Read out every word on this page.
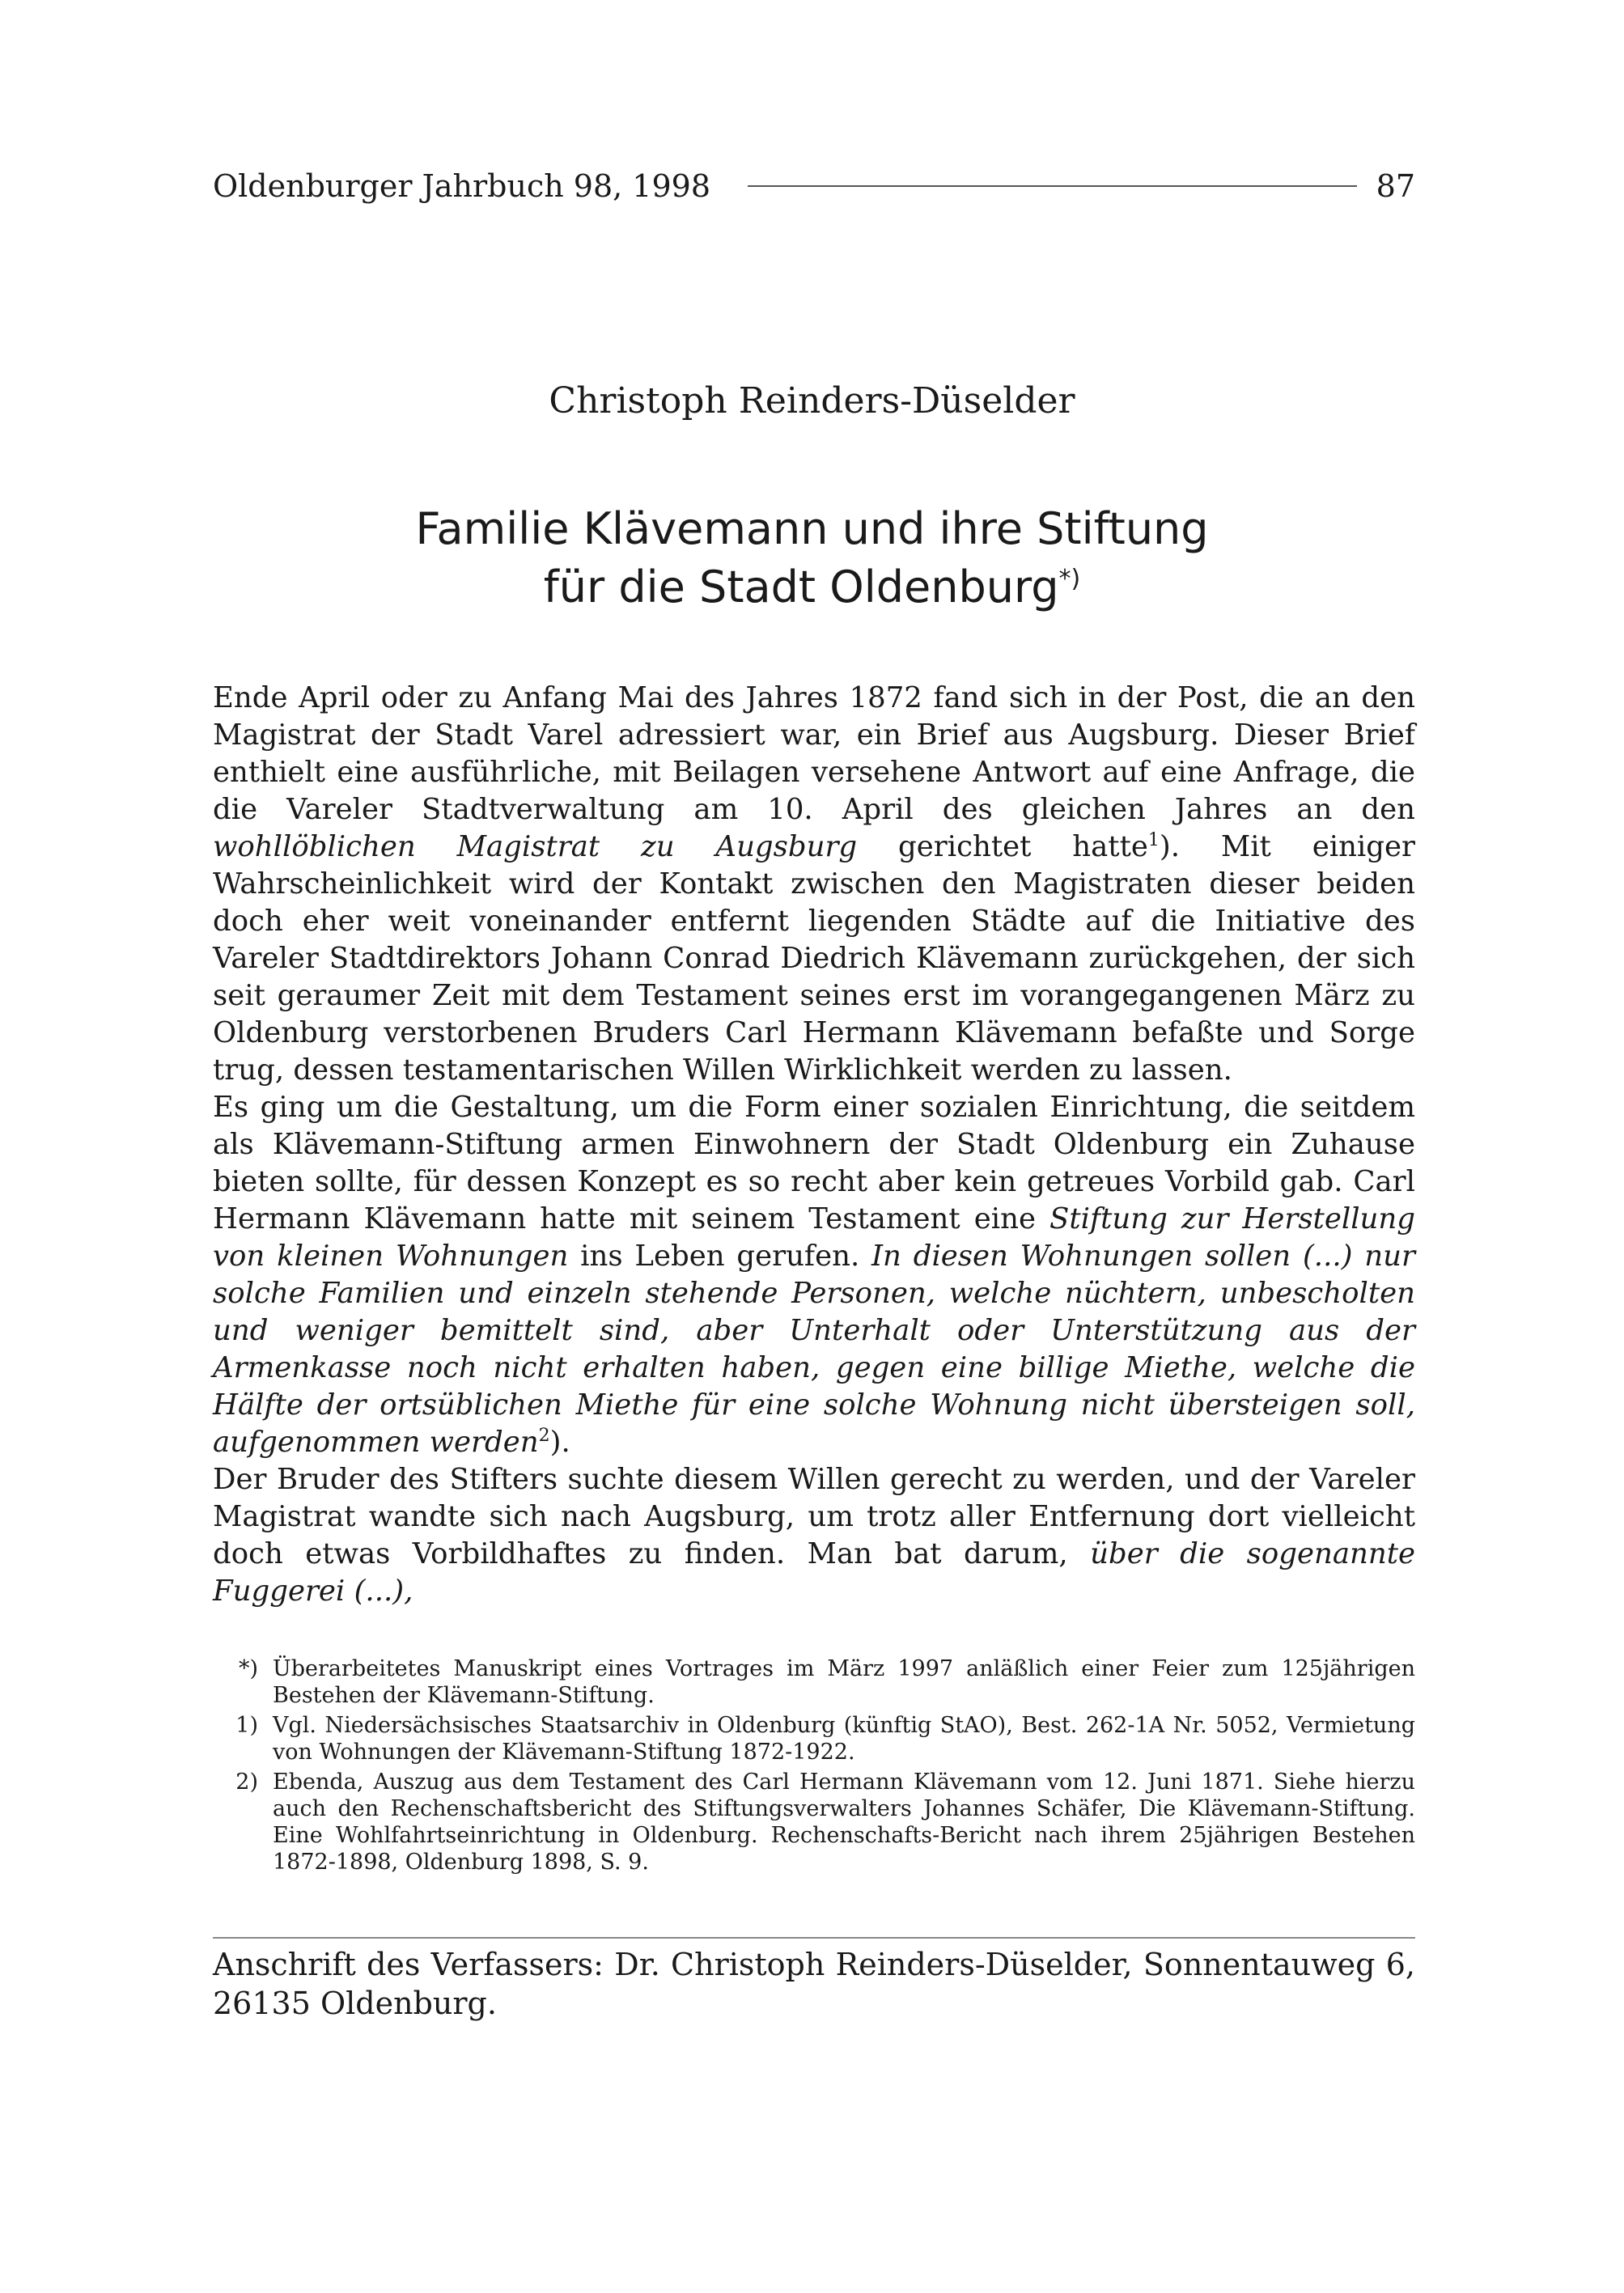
Oldenburger Jahrbuch 98, 1998	87
Christoph Reinders-Düselder
Familie Klävemann und ihre Stiftung
für die Stadt Oldenburg*)

Ende April oder zu Anfang Mai des Jahres 1872 fand sich in der Post, die an den Magistrat der Stadt Varel adressiert war, ein Brief aus Augsburg. Dieser Brief enthielt eine ausführliche, mit Beilagen versehene Antwort auf eine Anfrage, die die Vareler Stadtverwaltung am 10. April des gleichen Jahres an den wohllöblichen Magistrat zu Augsburg gerichtet hatte$^1$). Mit einiger Wahrscheinlichkeit wird der Kontakt zwischen den Magistraten dieser beiden doch eher weit voneinander entfernt liegenden Städte auf die Initiative des Vareler Stadtdirektors Johann Conrad Diedrich Klävemann zurückgehen, der sich seit geraumer Zeit mit dem Testament seines erst im vorangegangenen März zu Oldenburg verstorbenen Bruders Carl Hermann Klävemann befaßte und Sorge trug, dessen testamentarischen Willen Wirklichkeit werden zu lassen.

Es ging um die Gestaltung, um die Form einer sozialen Einrichtung, die seitdem als Klävemann-Stiftung armen Einwohnern der Stadt Oldenburg ein Zuhause bieten sollte, für dessen Konzept es so recht aber kein getreues Vorbild gab. Carl Hermann Klävemann hatte mit seinem Testament eine Stiftung zur Herstellung von kleinen Wohnungen ins Leben gerufen. In diesen Wohnungen sollen (...) nur solche Familien und einzeln stehende Personen, welche nüchtern, unbescholten und weniger bemittelt sind, aber Unterhalt oder Unterstützung aus der Armenkasse noch nicht erhalten haben, gegen eine billige Miethe, welche die Hälfte der ortsüblichen Miethe für eine solche Wohnung nicht übersteigen soll, aufgenommen werden$^2$).

Der Bruder des Stifters suchte diesem Willen gerecht zu werden, und der Vareler Magistrat wandte sich nach Augsburg, um trotz aller Entfernung dort vielleicht doch etwas Vorbildhaftes zu finden. Man bat darum, über die sogenannte Fuggerei (...),

*) Überarbeitetes Manuskript eines Vortrages im März 1997 anläßlich einer Feier zum 125jährigen Bestehen der Klävemann-Stiftung.
1) Vgl. Niedersächsisches Staatsarchiv in Oldenburg (künftig StAO), Best. 262-1A Nr. 5052, Vermietung von Wohnungen der Klävemann-Stiftung 1872-1922.
2) Ebenda, Auszug aus dem Testament des Carl Hermann Klävemann vom 12. Juni 1871. Siehe hierzu auch den Rechenschaftsbericht des Stiftungsverwalters Johannes Schäfer, Die Klävemann-Stiftung. Eine Wohlfahrtseinrichtung in Oldenburg. Rechenschafts-Bericht nach ihrem 25jährigen Bestehen 1872-1898, Oldenburg 1898, S. 9.
Anschrift des Verfassers: Dr. Christoph Reinders-Düselder, Sonnentauweg 6, 26135 Oldenburg.
